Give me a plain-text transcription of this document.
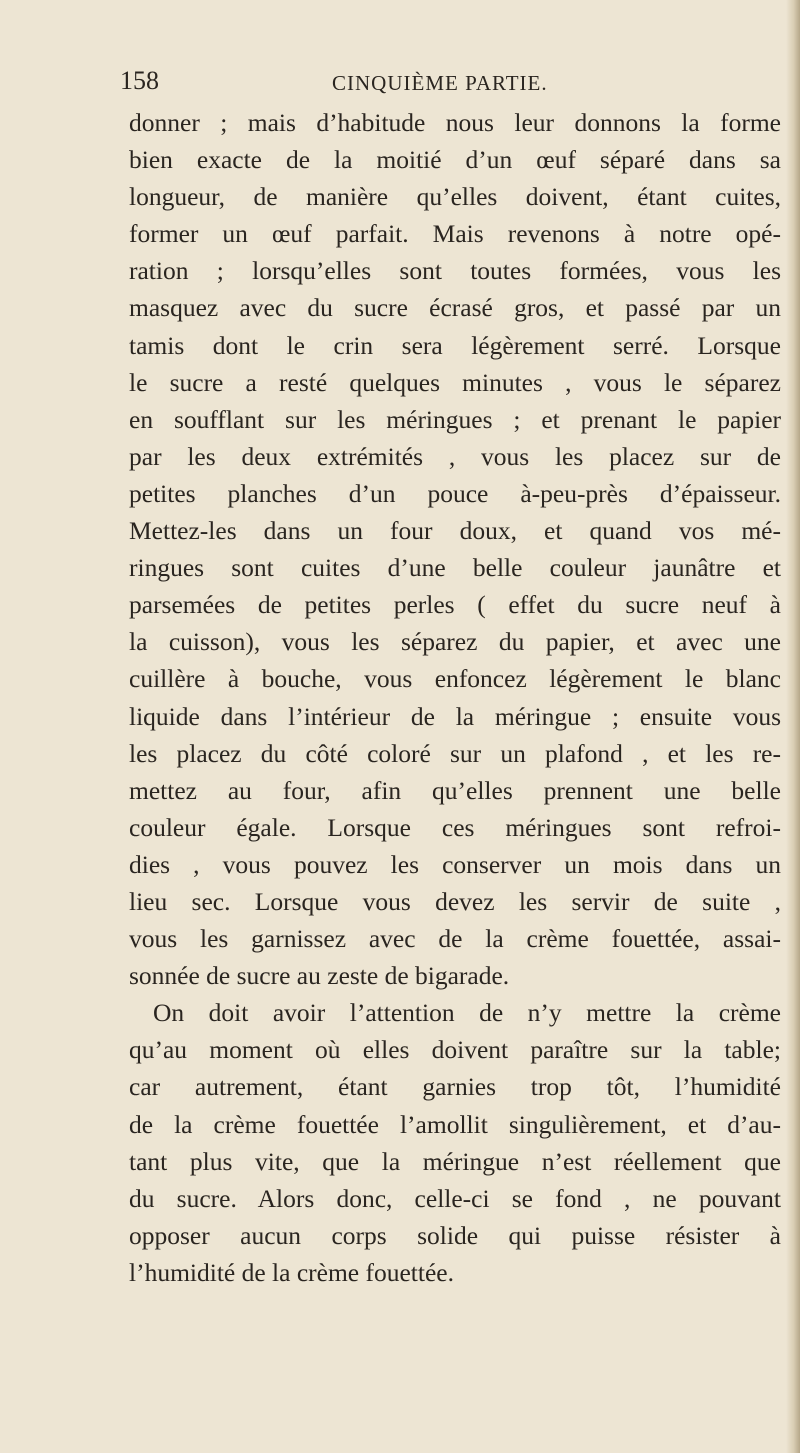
158	CINQUIÈME PARTIE.
donner ; mais d’habitude nous leur donnons la forme
bien exacte de la moitié d’un œuf séparé dans sa
longueur, de manière qu’elles doivent, étant cuites,
former un œuf parfait. Mais revenons à notre opé-
ration ; lorsqu’elles sont toutes formées, vous les
masquez avec du sucre écrasé gros, et passé par un
tamis dont le crin sera légèrement serré. Lorsque
le sucre a resté quelques minutes , vous le séparez
en soufflant sur les méringues ; et prenant le papier
par les deux extrémités , vous les placez sur de
petites planches d’un pouce à-peu-près d’épaisseur.
Mettez-les dans un four doux, et quand vos mé-
ringues sont cuites d’une belle couleur jaunâtre et
parsemées de petites perles ( effet du sucre neuf à
la cuisson), vous les séparez du papier, et avec une
cuillère à bouche, vous enfoncez légèrement le blanc
liquide dans l’intérieur de la méringue ; ensuite vous
les placez du côté coloré sur un plafond , et les re-
mettez au four, afin qu’elles prennent une belle
couleur égale. Lorsque ces méringues sont refroi-
dies , vous pouvez les conserver un mois dans un
lieu sec. Lorsque vous devez les servir de suite ,
vous les garnissez avec de la crème fouettée, assai-
sonnée de sucre au zeste de bigarade.
On doit avoir l’attention de n’y mettre la crème
qu’au moment où elles doivent paraître sur la table;
car autrement, étant garnies trop tôt, l’humidité
de la crème fouettée l’amollit singulièrement, et d’au-
tant plus vite, que la méringue n’est réellement que
du sucre. Alors donc, celle-ci se fond , ne pouvant
opposer aucun corps solide qui puisse résister à
l’humidité de la crème fouettée.
